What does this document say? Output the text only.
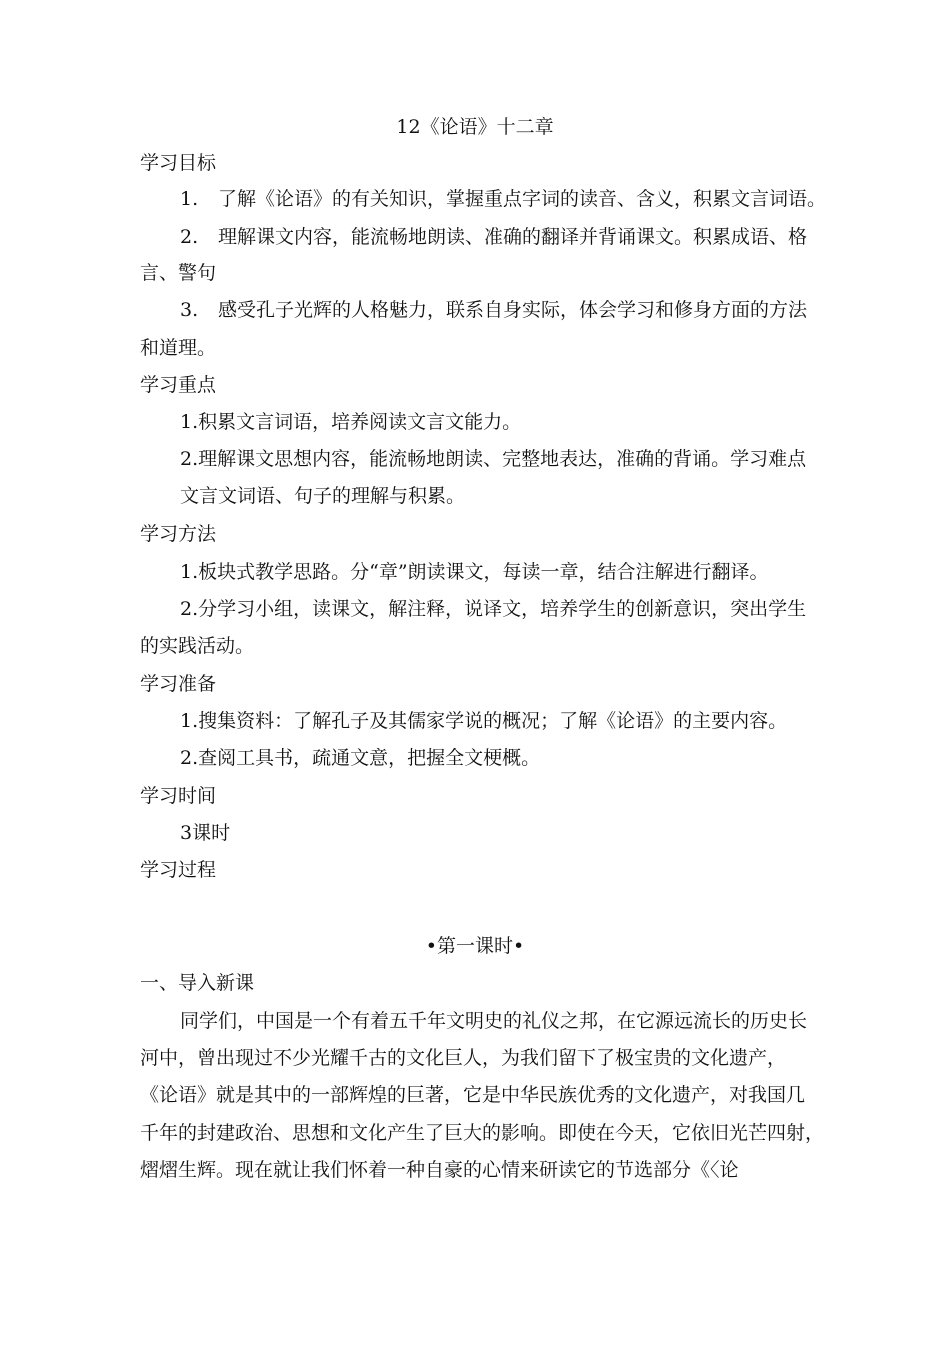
12《论语》十二章
学习目标
1. 了解《论语》的有关知识，掌握重点字词的读音、含义，积累文言词语。
2. 理解课文内容，能流畅地朗读、准确的翻译并背诵课文。积累成语、格
言、警句
3. 感受孔子光辉的人格魅力，联系自身实际，体会学习和修身方面的方法
和道理。
学习重点
1.积累文言词语，培养阅读文言文能力。
2.理解课文思想内容，能流畅地朗读、完整地表达，准确的背诵。学习难点
文言文词语、句子的理解与积累。
学习方法
1.板块式教学思路。分“章”朗读课文，每读一章，结合注解进行翻译。
2.分学习小组，读课文，解注释，说译文，培养学生的创新意识，突出学生
的实践活动。
学习准备
1.搜集资料：了解孔子及其儒家学说的概况；了解《论语》的主要内容。
2.查阅工具书，疏通文意，把握全文梗概。
学习时间
3课时
学习过程
•第一课时•
一、导入新课
同学们，中国是一个有着五千年文明史的礼仪之邦，在它源远流长的历史长
河中，曾出现过不少光耀千古的文化巨人，为我们留下了极宝贵的文化遗产，
《论语》就是其中的一部辉煌的巨著，它是中华民族优秀的文化遗产，对我国几
千年的封建政治、思想和文化产生了巨大的影响。即使在今天，它依旧光芒四射，
熠熠生辉。现在就让我们怀着一种自豪的心情来研读它的节选部分《〈论
